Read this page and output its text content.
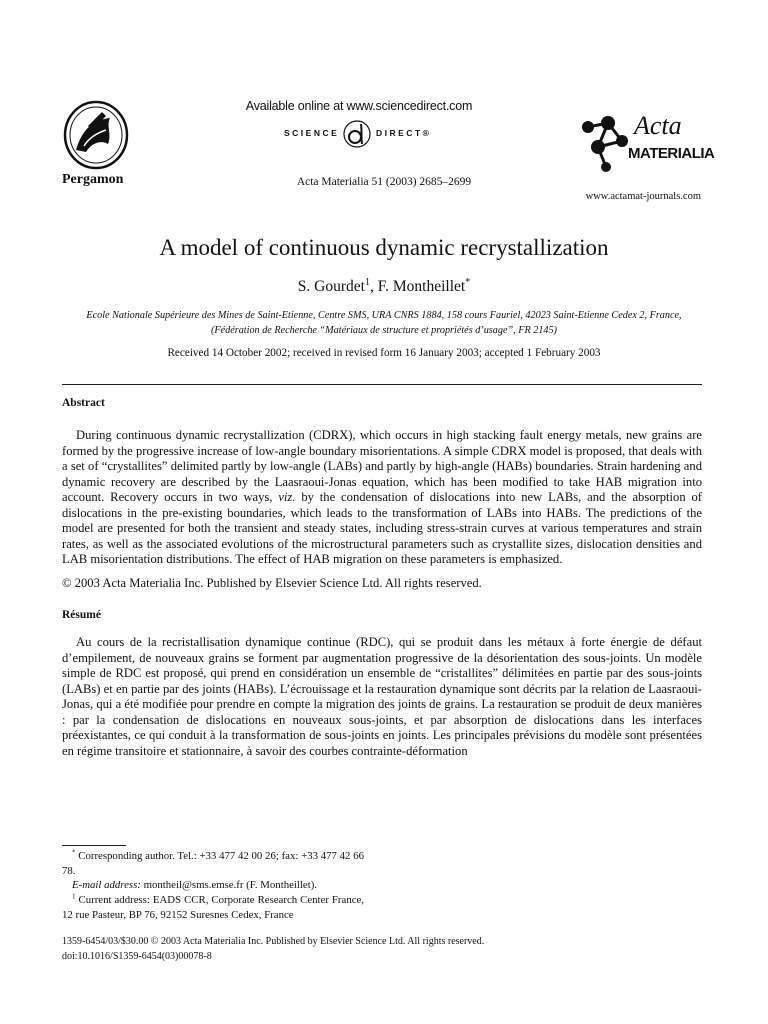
Available online at www.sciencedirect.com
SCIENCE	DIRECT®
Pergamon	Acta Materialia 51 (2003) 2685–2699
Acta
MATERIALIA
www.actamat-journals.com
A model of continuous dynamic recrystallization
S. Gourdet$^1$, F. Montheillet*
Ecole Nationale Supérieure des Mines de Saint-Etienne, Centre SMS, URA CNRS 1884, 158 cours Fauriel, 42023 Saint-Etienne Cedex 2, France, (Fédération de Recherche “Matériaux de structure et propriétés d’usage”, FR 2145)
Received 14 October 2002; received in revised form 16 January 2003; accepted 1 February 2003
Abstract

During continuous dynamic recrystallization (CDRX), which occurs in high stacking fault energy metals, new grains are formed by the progressive increase of low-angle boundary misorientations. A simple CDRX model is proposed, that deals with a set of “crystallites” delimited partly by low-angle (LABs) and partly by high-angle (HABs) boundaries. Strain hardening and dynamic recovery are described by the Laasraoui-Jonas equation, which has been modified to take HAB migration into account. Recovery occurs in two ways, viz. by the condensation of dislocations into new LABs, and the absorption of dislocations in the pre-existing boundaries, which leads to the transformation of LABs into HABs. The predictions of the model are presented for both the transient and steady states, including stress-strain curves at various temperatures and strain rates, as well as the associated evolutions of the microstructural parameters such as crystallite sizes, dislocation densities and LAB misorientation distributions. The effect of HAB migration on these parameters is emphasized.

© 2003 Acta Materialia Inc. Published by Elsevier Science Ltd. All rights reserved.
Résumé

Au cours de la recristallisation dynamique continue (RDC), qui se produit dans les métaux à forte énergie de défaut d’empilement, de nouveaux grains se forment par augmentation progressive de la désorientation des sous-joints. Un modèle simple de RDC est proposé, qui prend en considération un ensemble de “cristallites” délimitées en partie par des sous-joints (LABs) et en partie par des joints (HABs). L’écrouissage et la restauration dynamique sont décrits par la relation de Laasraoui-Jonas, qui a été modifiée pour prendre en compte la migration des joints de grains. La restauration se produit de deux manières : par la condensation de dislocations en nouveaux sous-joints, et par absorption de dislocations dans les interfaces préexistantes, ce qui conduit à la transformation de sous-joints en joints. Les principales prévisions du modèle sont présentées en régime transitoire et stationnaire, à savoir des courbes contrainte-déformation

* Corresponding author. Tel.: +33 477 42 00 26; fax: +33 477 42 66 78.
E-mail address: montheil@sms.emse.fr (F. Montheillet).
$^1$ Current address: EADS CCR, Corporate Research Center France, 12 rue Pasteur, BP 76, 92152 Suresnes Cedex, France
1359-6454/03/$30.00 © 2003 Acta Materialia Inc. Published by Elsevier Science Ltd. All rights reserved.
doi:10.1016/S1359-6454(03)00078-8
